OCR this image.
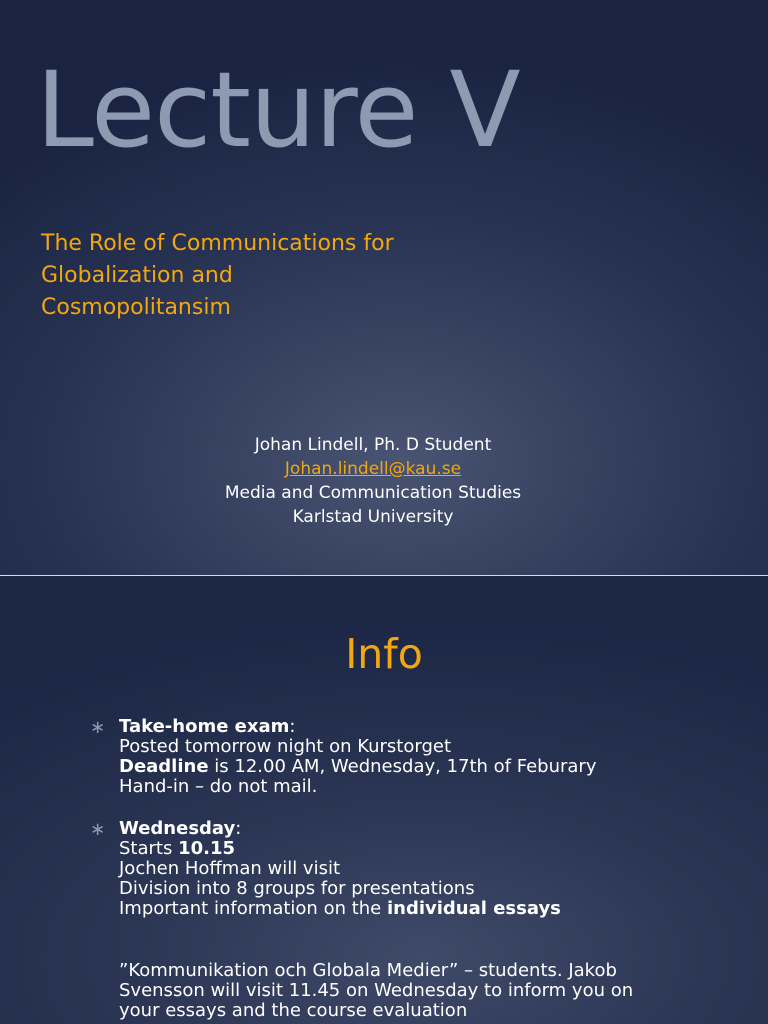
Lecture V
The Role of Communications for
Globalization and
Cosmopolitansim
Johan Lindell, Ph. D Student
Johan.lindell@kau.se
Media and Communication Studies
Karlstad University
Info
∗ Take-home exam:
Posted tomorrow night on Kurstorget
Deadline is 12.00 AM, Wednesday, 17th of Feburary
Hand-in – do not mail.
∗ Wednesday:
Starts 10.15
Jochen Hoffman will visit
Division into 8 groups for presentations
Important information on the individual essays
”Kommunikation och Globala Medier” – students. Jakob
Svensson will visit 11.45 on Wednesday to inform you on
your essays and the course evaluation
